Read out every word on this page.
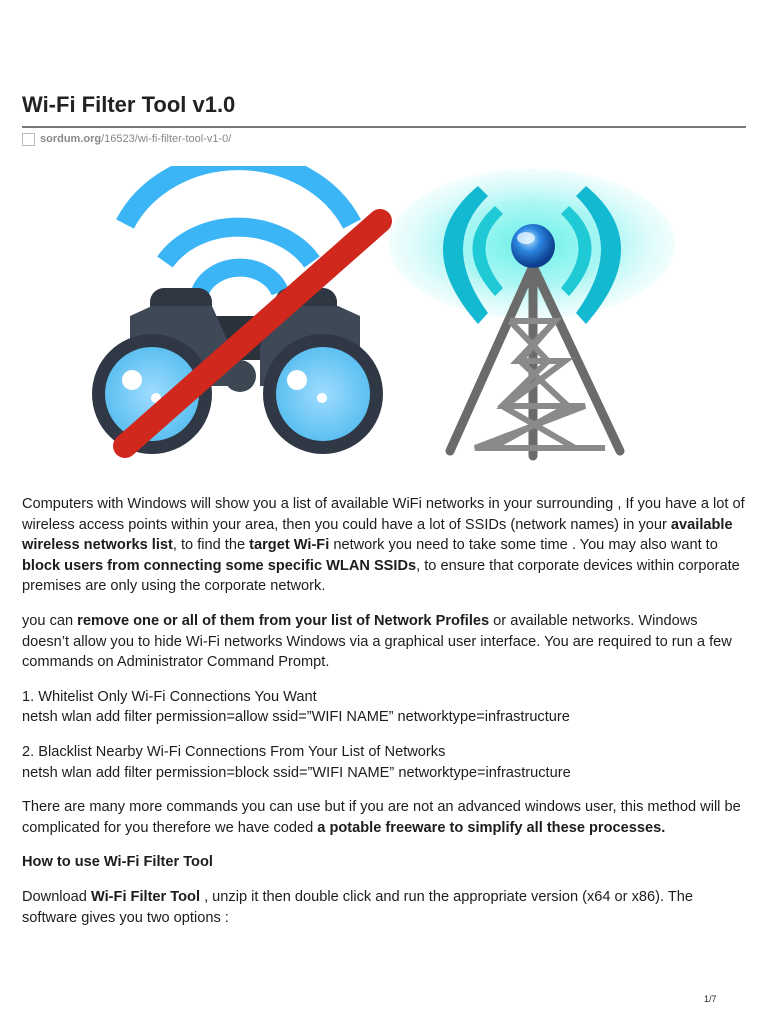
Wi-Fi Filter Tool v1.0
sordum.org /16523/wi-fi-filter-tool-v1-0/

Computers with Windows will show you a list of available WiFi networks in your surrounding , If you have a lot of wireless access points within your area, then you could have a lot of SSIDs (network names) in your available wireless networks list, to find the target Wi-Fi network you need to take some time . You may also want to block users from connecting some specific WLAN SSIDs, to ensure that corporate devices within corporate premises are only using the corporate network.

you can remove one or all of them from your list of Network Profiles or available networks. Windows doesn’t allow you to hide Wi-Fi networks Windows via a graphical user interface. You are required to run a few commands on Administrator Command Prompt.

1. Whitelist Only Wi-Fi Connections You Want
netsh wlan add filter permission=allow ssid=”WIFI NAME” networktype=infrastructure

2. Blacklist Nearby Wi-Fi Connections From Your List of Networks
netsh wlan add filter permission=block ssid=”WIFI NAME” networktype=infrastructure

There are many more commands you can use but if you are not an advanced windows user, this method will be complicated for you therefore we have coded a potable freeware to simplify all these processes.

How to use Wi-Fi Filter Tool

Download Wi-Fi Filter Tool , unzip it then double click and run the appropriate version (x64 or x86). The software gives you two options :

1/7
